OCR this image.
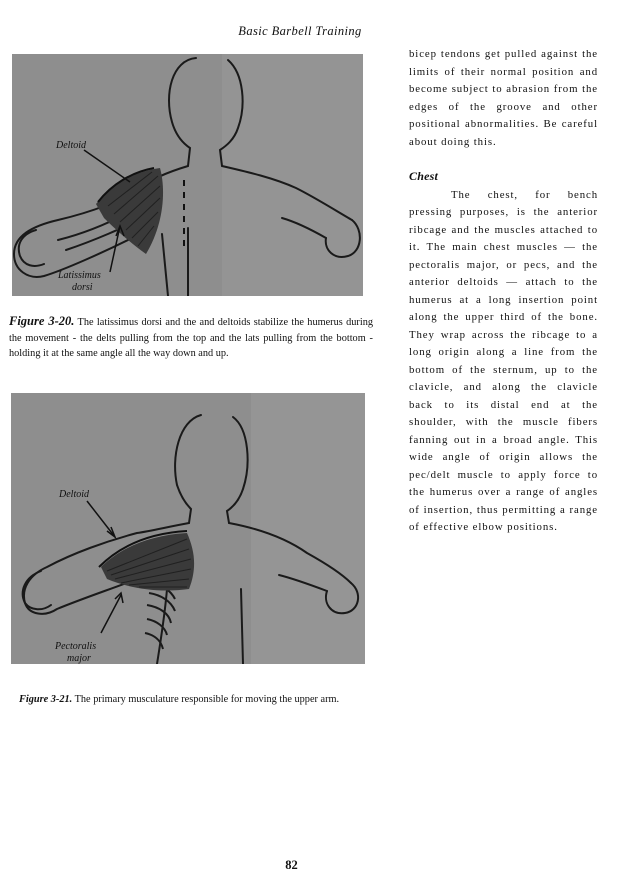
Basic Barbell Training
Deltoid
Latissimus
dorsi
Figure 3-20. The latissimus dorsi and the and deltoids stabilize the humerus during the movement - the delts pulling from the top and the lats pulling from the bottom - holding it at the same angle all the way down and up.
Deltoid
Pectoralis
major
Figure 3-21. The primary musculature responsible for moving the upper arm.

bicep tendons get pulled against the limits of their normal position and become subject to abrasion from the edges of the groove and other positional abnormalities. Be careful about doing this.

Chest

The chest, for bench pressing purposes, is the anterior ribcage and the muscles attached to it. The main chest muscles — the pectoralis major, or pecs, and the anterior deltoids — attach to the humerus at a long insertion point along the upper third of the bone. They wrap across the ribcage to a long origin along a line from the bottom of the sternum, up to the clavicle, and along the clavicle back to its distal end at the shoulder, with the muscle fibers fanning out in a broad angle. This wide angle of origin allows the pec/delt muscle to apply force to the humerus over a range of angles of insertion, thus permitting a range of effective elbow positions.

82
